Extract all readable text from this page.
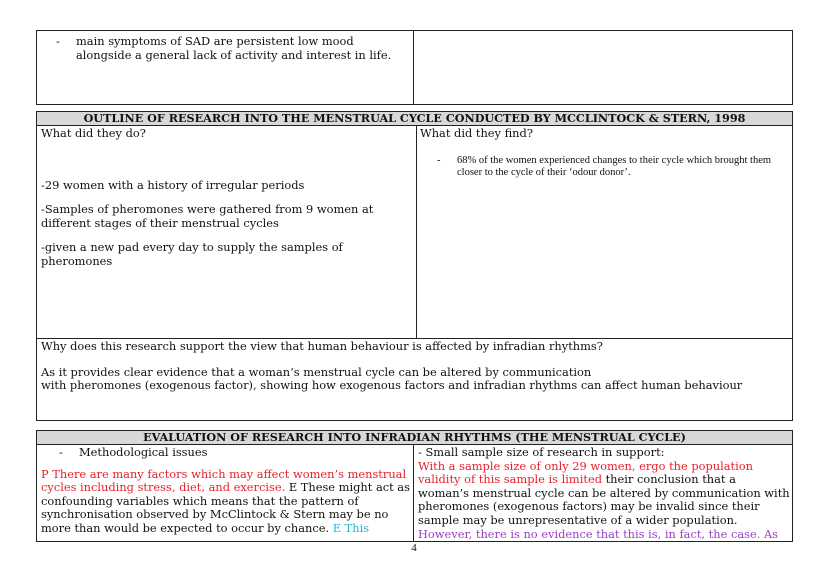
-	main symptoms of SAD are persistent low mood

alongside a general lack of activity and interest in life.

OUTLINE OF RESEARCH INTO THE MENSTRUAL CYCLE CONDUCTED BY MCCLINTOCK & STERN, 1998

What did they do?

-29 women with a history of irregular periods

-Samples of pheromones were gathered from 9 women at different stages of their menstrual cycles

-given a new pad every day to supply the samples of pheromones

What did they find?

-	68% of the women experienced changes to their cycle which brought them closer to the cycle of their ‘odour donor’.

Why does this research support the view that human behaviour is affected by infradian rhythms?

As it provides clear evidence that a woman’s menstrual cycle can be altered by communication

with pheromones (exogenous factor), showing how exogenous factors and infradian rhythms can affect human behaviour

EVALUATION OF RESEARCH INTO INFRADIAN RHYTHMS (THE MENSTRUAL CYCLE)
-	Methodological issues

P There are many factors which may affect women’s menstrual cycles including stress, diet, and exercise. E These might act as confounding variables which means that the pattern of synchronisation observed by McClintock & Stern may be no more than would be expected to occur by chance. E This

- Small sample size of research in support:

With a sample size of only 29 women, ergo the population validity of this sample is limited their conclusion that a woman’s menstrual cycle can be altered by communication with pheromones (exogenous factors) may be invalid since their sample may be unrepresentative of a wider population. However, there is no evidence that this is, in fact, the case. As

4
